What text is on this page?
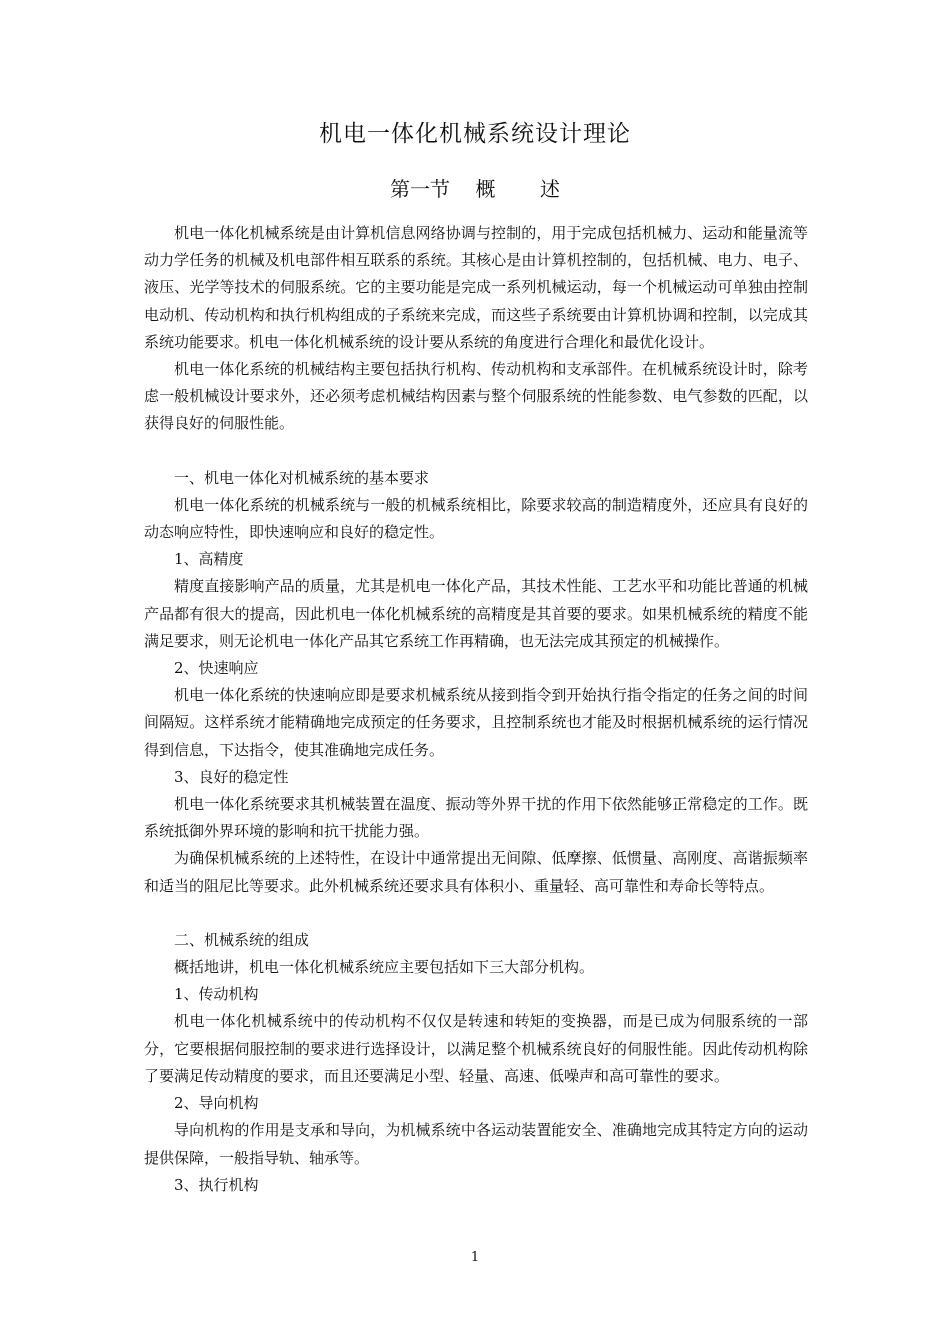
机电一体化机械系统设计理论
第一节    概       述

机电一体化机械系统是由计算机信息网络协调与控制的，用于完成包括机械力、运动和能量流等动力学任务的机械及机电部件相互联系的系统。其核心是由计算机控制的，包括机械、电力、电子、液压、光学等技术的伺服系统。它的主要功能是完成一系列机械运动，每一个机械运动可单独由控制电动机、传动机构和执行机构组成的子系统来完成，而这些子系统要由计算机协调和控制，以完成其系统功能要求。机电一体化机械系统的设计要从系统的角度进行合理化和最优化设计。

机电一体化系统的机械结构主要包括执行机构、传动机构和支承部件。在机械系统设计时，除考虑一般机械设计要求外，还必须考虑机械结构因素与整个伺服系统的性能参数、电气参数的匹配，以获得良好的伺服性能。

一、机电一体化对机械系统的基本要求

机电一体化系统的机械系统与一般的机械系统相比，除要求较高的制造精度外，还应具有良好的动态响应特性，即快速响应和良好的稳定性。

1、高精度

精度直接影响产品的质量，尤其是机电一体化产品，其技术性能、工艺水平和功能比普通的机械产品都有很大的提高，因此机电一体化机械系统的高精度是其首要的要求。如果机械系统的精度不能满足要求，则无论机电一体化产品其它系统工作再精确，也无法完成其预定的机械操作。

2、快速响应

机电一体化系统的快速响应即是要求机械系统从接到指令到开始执行指令指定的任务之间的时间间隔短。这样系统才能精确地完成预定的任务要求，且控制系统也才能及时根据机械系统的运行情况得到信息，下达指令，使其准确地完成任务。

3、良好的稳定性

机电一体化系统要求其机械装置在温度、振动等外界干扰的作用下依然能够正常稳定的工作。既系统抵御外界环境的影响和抗干扰能力强。

为确保机械系统的上述特性，在设计中通常提出无间隙、低摩擦、低惯量、高刚度、高谐振频率和适当的阻尼比等要求。此外机械系统还要求具有体积小、重量轻、高可靠性和寿命长等特点。

二、机械系统的组成

概括地讲，机电一体化机械系统应主要包括如下三大部分机构。

1、传动机构

机电一体化机械系统中的传动机构不仅仅是转速和转矩的变换器，而是已成为伺服系统的一部分，它要根据伺服控制的要求进行选择设计，以满足整个机械系统良好的伺服性能。因此传动机构除了要满足传动精度的要求，而且还要满足小型、轻量、高速、低噪声和高可靠性的要求。

2、导向机构

导向机构的作用是支承和导向，为机械系统中各运动装置能安全、准确地完成其特定方向的运动提供保障，一般指导轨、轴承等。

3、执行机构

1
